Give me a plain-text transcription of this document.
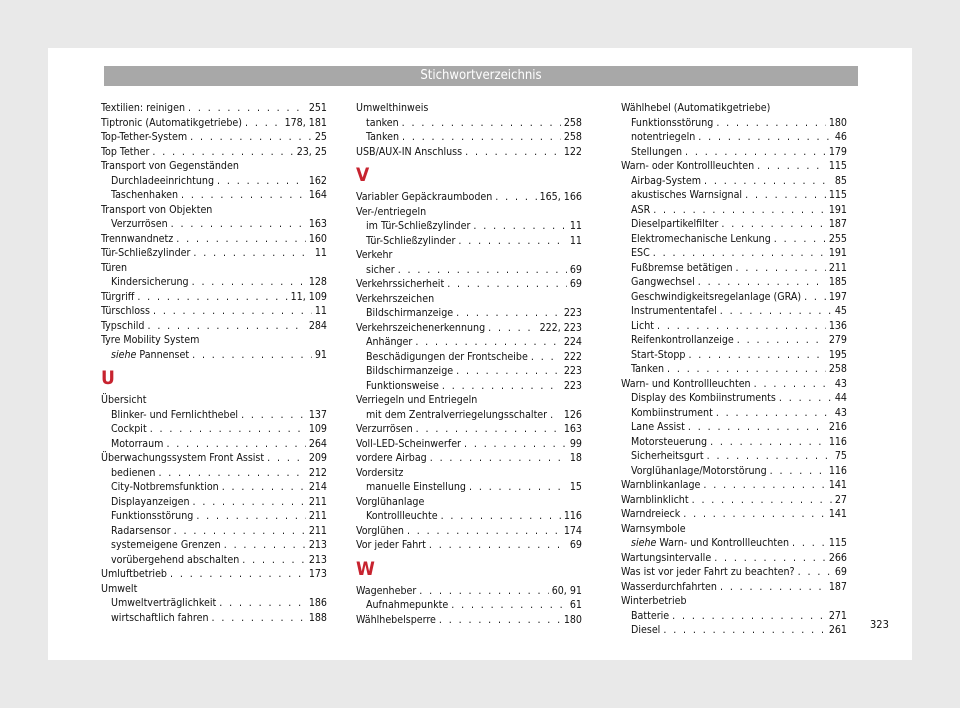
Stichwortverzeichnis
Textilien: reinigen . . .	251
Tiptronic (Automatikgetriebe) . . .	178, 181
Top-Tether-System . . .	25
Top Tether . . .	23, 25
Transport von Gegenständen
Durchladeeinrichtung . . .	162
Taschenhaken . . .	164
Transport von Objekten
Verzurrösen . . .	163
Trennwandnetz . . .	160
Tür-Schließzylinder . . .	11
Türen
Kindersicherung . . .	128
Türgriff . . .	11, 109
Türschloss . . .	11
Typschild . . .	284
Tyre Mobility System
siehe Pannenset . . .	91
U
Übersicht
Blinker- und Fernlichthebel . . .	137
Cockpit . . .	109
Motorraum . . .	264
Überwachungssystem Front Assist . . .	209
bedienen . . .	212
City-Notbremsfunktion . . .	214
Displayanzeigen . . .	211
Funktionsstörung . . .	211
Radarsensor . . .	211
systemeigene Grenzen . . .	213
vorübergehend abschalten . . .	213
Umluftbetrieb . . .	173
Umwelt
Umweltverträglichkeit . . .	186
wirtschaftlich fahren . . .	188
Umwelthinweis
tanken . . .	258
Tanken . . .	258
USB/AUX-IN Anschluss . . .	122
V
Variabler Gepäckraumboden . . .	165, 166
Ver-/entriegeln
im Tür-Schließzylinder . . .	11
Tür-Schließzylinder . . .	11
Verkehr
sicher . . .	69
Verkehrssicherheit . . .	69
Verkehrszeichen
Bildschirmanzeige . . .	223
Verkehrszeichenerkennung . . .	222, 223
Anhänger . . .	224
Beschädigungen der Frontscheibe . . .	222
Bildschirmanzeige . . .	223
Funktionsweise . . .	223
Verriegeln und Entriegeln
mit dem Zentralverriegelungsschalter . . . 126
Verzurrösen . . .	163
Voll-LED-Scheinwerfer . . .	99
vordere Airbag . . .	18
Vordersitz
manuelle Einstellung . . .	15
Vorglühanlage
Kontrollleuchte . . .	116
Vorglühen . . .	174
Vor jeder Fahrt . . .	69
W
Wagenheber . . .	60, 91
Aufnahmepunkte . . .	61
Wählhebelsperre . . .	180
Wählhebel (Automatikgetriebe)
Funktionsstörung . . .	180
notentriegeln . . .	46
Stellungen . . .	179
Warn- oder Kontrollleuchten . . .	115
Airbag-System . . .	85
akustisches Warnsignal . . .	115
ASR . . .	191
Dieselpartikelfilter . . .	187
Elektromechanische Lenkung . . .	255
ESC . . .	191
Fußbremse betätigen . . .	211
Gangwechsel . . .	185
Geschwindigkeitsregelanlage (GRA) . . .	197
Instrumententafel . . .	45
Licht . . .	136
Reifenkontrollanzeige . . .	279
Start-Stopp . . .	195
Tanken . . .	258
Warn- und Kontrollleuchten . . .	43
Display des Kombiinstruments . . .	44
Kombiinstrument . . .	43
Lane Assist . . .	216
Motorsteuerung . . .	116
Sicherheitsgurt . . .	75
Vorglühanlage/Motorstörung . . .	116
Warnblinkanlage . . .	141
Warnblinklicht . . .	27
Warndreieck . . .	141
Warnsymbole
siehe Warn- und Kontrollleuchten . . .	115
Wartungsintervalle . . .	266
Was ist vor jeder Fahrt zu beachten? . . .	69
Wasserdurchfahrten . . .	187
Winterbetrieb
Batterie . . .	271
Diesel . . .	261 323
